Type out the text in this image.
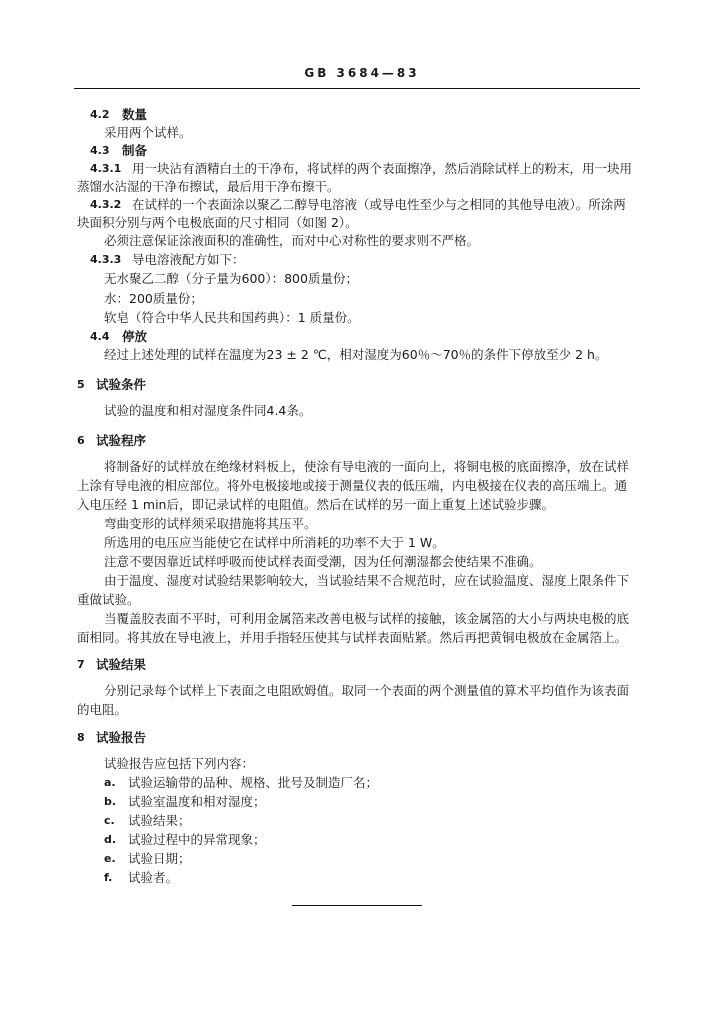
GB 3684—83
4.2 数量
采用两个试样。
4.3 制备
4.3.1 用一块沾有酒精白土的干净布，将试样的两个表面擦净，然后消除试样上的粉末，用一块用
蒸馏水沾湿的干净布擦试，最后用干净布擦干。
4.3.2 在试样的一个表面涂以聚乙二醇导电溶液（或导电性至少与之相同的其他导电液）。所涂两
块面积分别与两个电极底面的尺寸相同（如图 2）。
必须注意保证涂液面积的准确性，而对中心对称性的要求则不严格。
4.3.3 导电溶液配方如下：
无水聚乙二醇（分子量为600）：800质量份；
水：200质量份；
软皂（符合中华人民共和国药典）：1 质量份。
4.4 停放
经过上述处理的试样在温度为23 ± 2 ℃，相对湿度为60％～70％的条件下停放至少 2 h。
5 试验条件
试验的温度和相对湿度条件同4.4条。
6 试验程序
将制备好的试样放在绝缘材料板上，使涂有导电液的一面向上，将铜电极的底面擦净，放在试样
上涂有导电液的相应部位。将外电极接地或接于测量仪表的低压端，内电极接在仪表的高压端上。通
入电压经 1 min后，即记录试样的电阻值。然后在试样的另一面上重复上述试验步骤。
弯曲变形的试样须采取措施将其压平。
所选用的电压应当能使它在试样中所消耗的功率不大于 1 W。
注意不要因靠近试样呼吸而使试样表面受潮，因为任何潮湿都会使结果不准确。
由于温度、湿度对试验结果影响较大，当试验结果不合规范时，应在试验温度、湿度上限条件下
重做试验。
当覆盖胶表面不平时，可利用金属箔来改善电极与试样的接触，该金属箔的大小与两块电极的底
面相同。将其放在导电液上，并用手指轻压使其与试样表面贴紧。然后再把黄铜电极放在金属箔上。
7 试验结果
分别记录每个试样上下表面之电阻欧姆值。取同一个表面的两个测量值的算术平均值作为该表面
的电阻。
8 试验报告
试验报告应包括下列内容：
a. 试验运输带的品种、规格、批号及制造厂名；
b. 试验室温度和相对湿度；
c. 试验结果；
d. 试验过程中的异常现象；
e. 试验日期；
f. 试验者。
